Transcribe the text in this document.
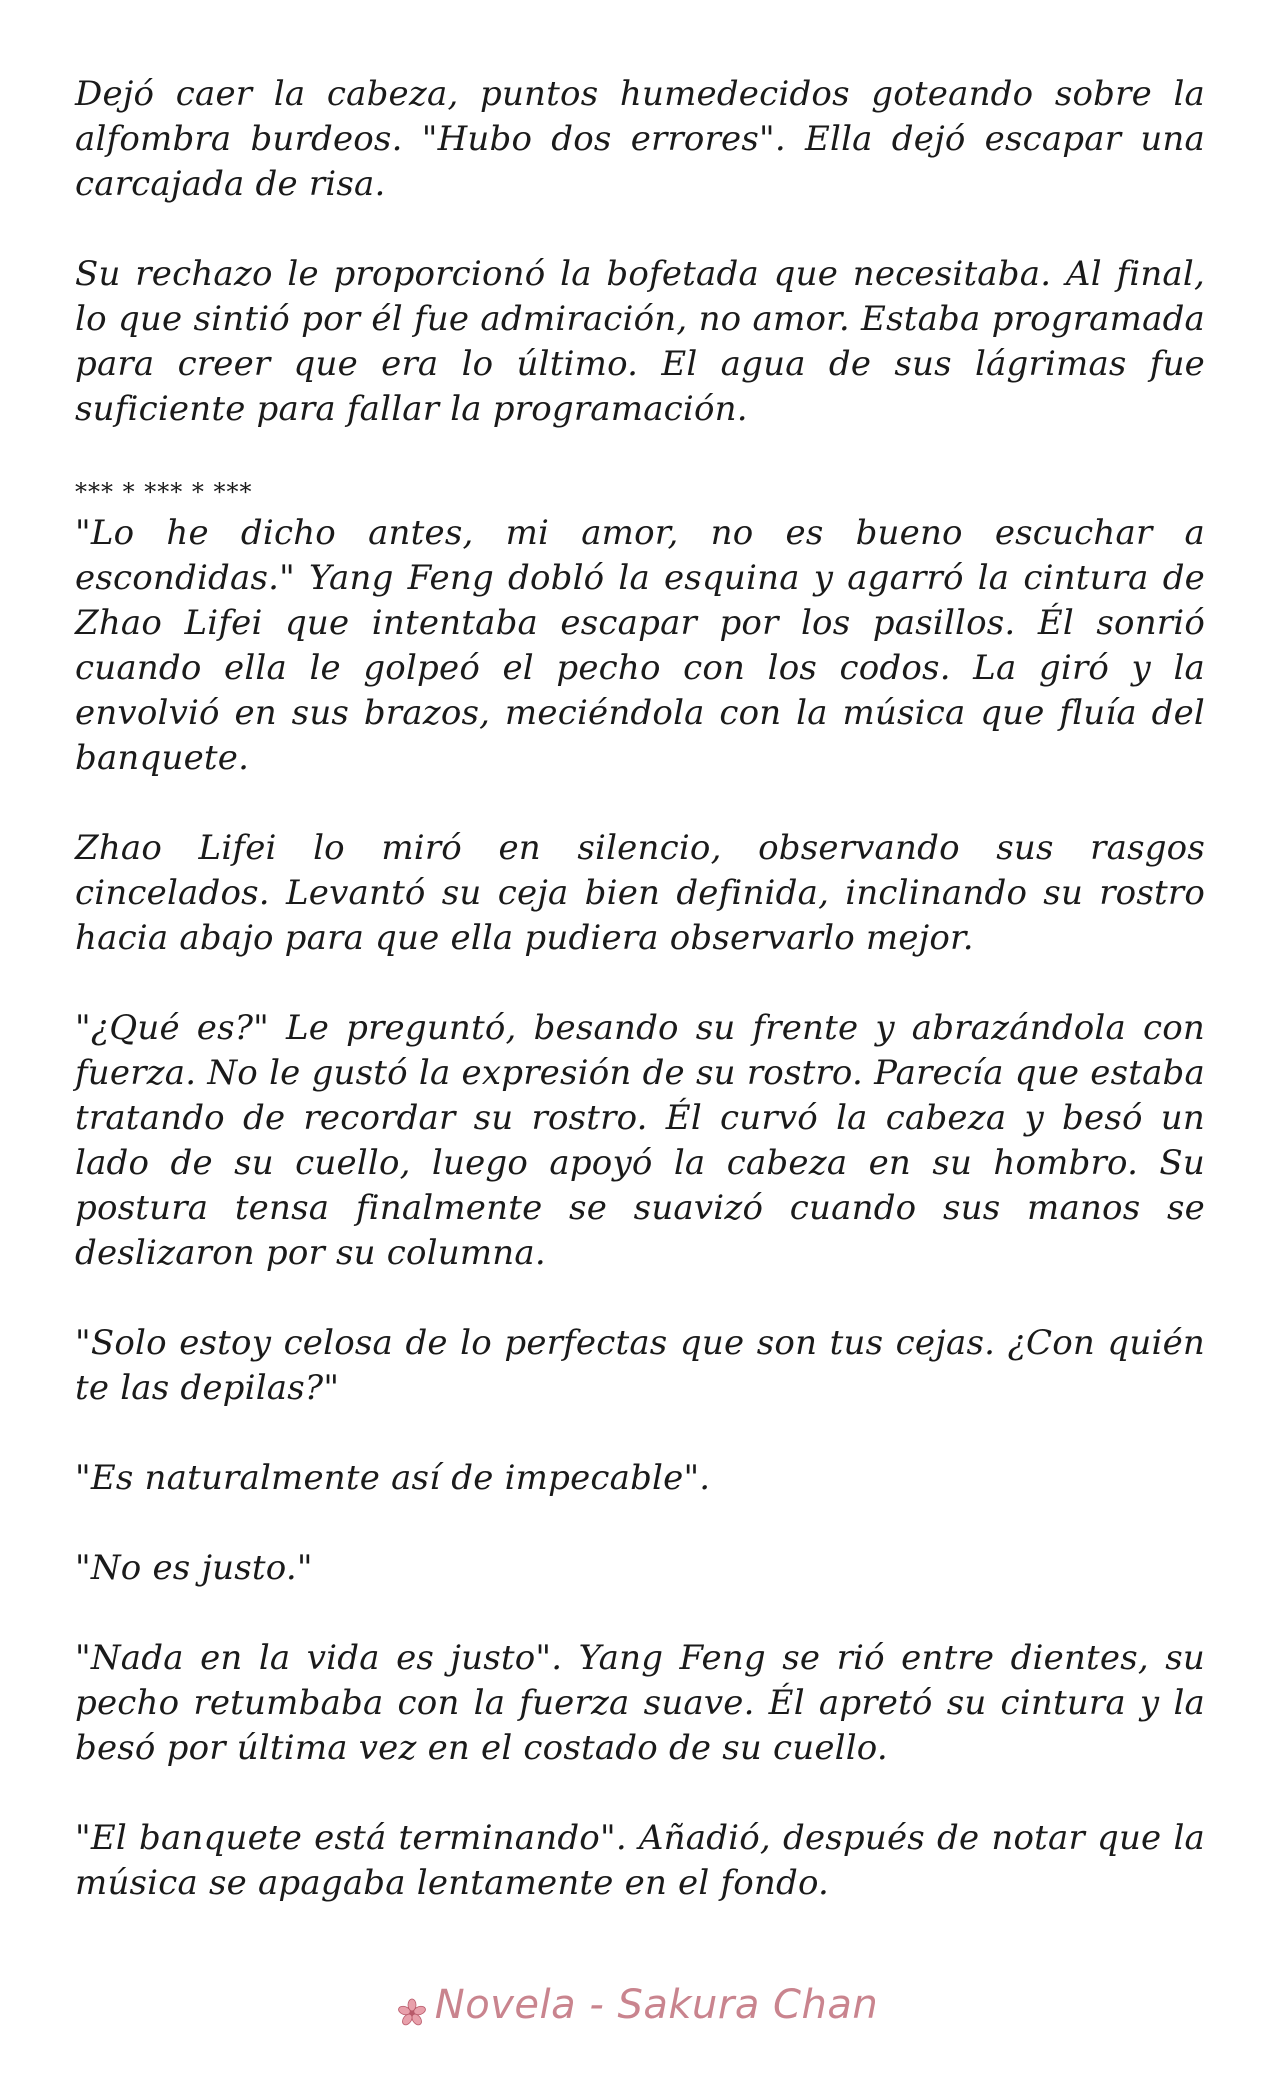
Dejó caer la cabeza, puntos humedecidos goteando sobre la alfombra burdeos. "Hubo dos errores". Ella dejó escapar una carcajada de risa.

Su rechazo le proporcionó la bofetada que necesitaba. Al final, lo que sintió por él fue admiración, no amor. Estaba programada para creer que era lo último. El agua de sus lágrimas fue suficiente para fallar la programación.

*** * *** * ***

"Lo he dicho antes, mi amor, no es bueno escuchar a escondidas." Yang Feng dobló la esquina y agarró la cintura de Zhao Lifei que intentaba escapar por los pasillos. Él sonrió cuando ella le golpeó el pecho con los codos. La giró y la envolvió en sus brazos, meciéndola con la música que fluía del banquete.

Zhao Lifei lo miró en silencio, observando sus rasgos cincelados. Levantó su ceja bien definida, inclinando su rostro hacia abajo para que ella pudiera observarlo mejor.

"¿Qué es?" Le preguntó, besando su frente y abrazándola con fuerza. No le gustó la expresión de su rostro. Parecía que estaba tratando de recordar su rostro. Él curvó la cabeza y besó un lado de su cuello, luego apoyó la cabeza en su hombro. Su postura tensa finalmente se suavizó cuando sus manos se deslizaron por su columna.

"Solo estoy celosa de lo perfectas que son tus cejas. ¿Con quién te las depilas?"

"Es naturalmente así de impecable".

"No es justo."

"Nada en la vida es justo". Yang Feng se rió entre dientes, su pecho retumbaba con la fuerza suave. Él apretó su cintura y la besó por última vez en el costado de su cuello.

"El banquete está terminando". Añadió, después de notar que la música se apagaba lentamente en el fondo.

Novela - Sakura Chan
